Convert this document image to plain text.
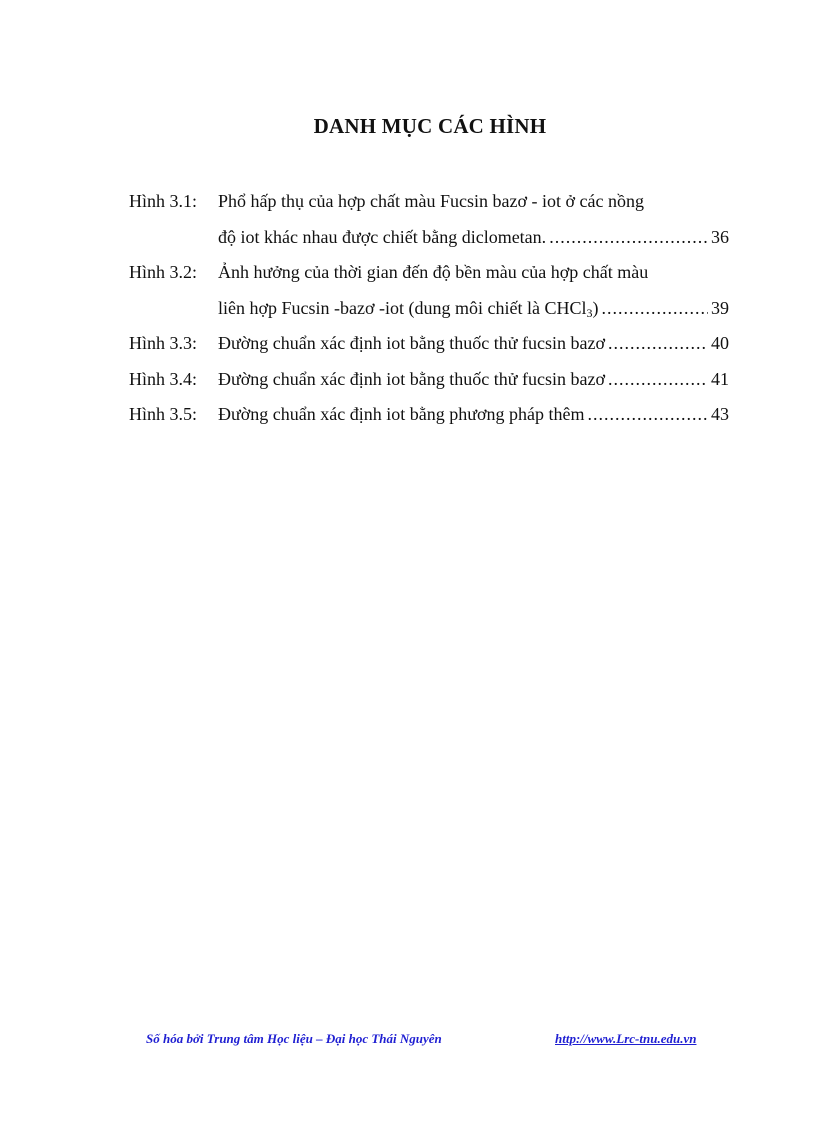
DANH MỤC CÁC HÌNH
Hình 3.1: Phổ hấp thụ của hợp chất màu Fucsin bazơ - iot ở các nồng
độ iot khác nhau được chiết bằng diclometan. .....	36
Hình 3.2: Ảnh hưởng của thời gian đến độ bền màu của hợp chất màu
liên hợp Fucsin -bazơ -iot (dung môi chiết là CHCl$_3$) .....	39
Hình 3.3: Đường chuẩn xác định iot bằng thuốc thử fucsin bazơ .....	40
Hình 3.4: Đường chuẩn xác định iot bằng thuốc thử fucsin bazơ .....	41
Hình 3.5: Đường chuẩn xác định iot bằng phương pháp thêm .....	43
Số hóa bởi Trung tâm Học liệu – Đại học Thái Nguyên	http://www.Lrc-tnu.edu.vn
